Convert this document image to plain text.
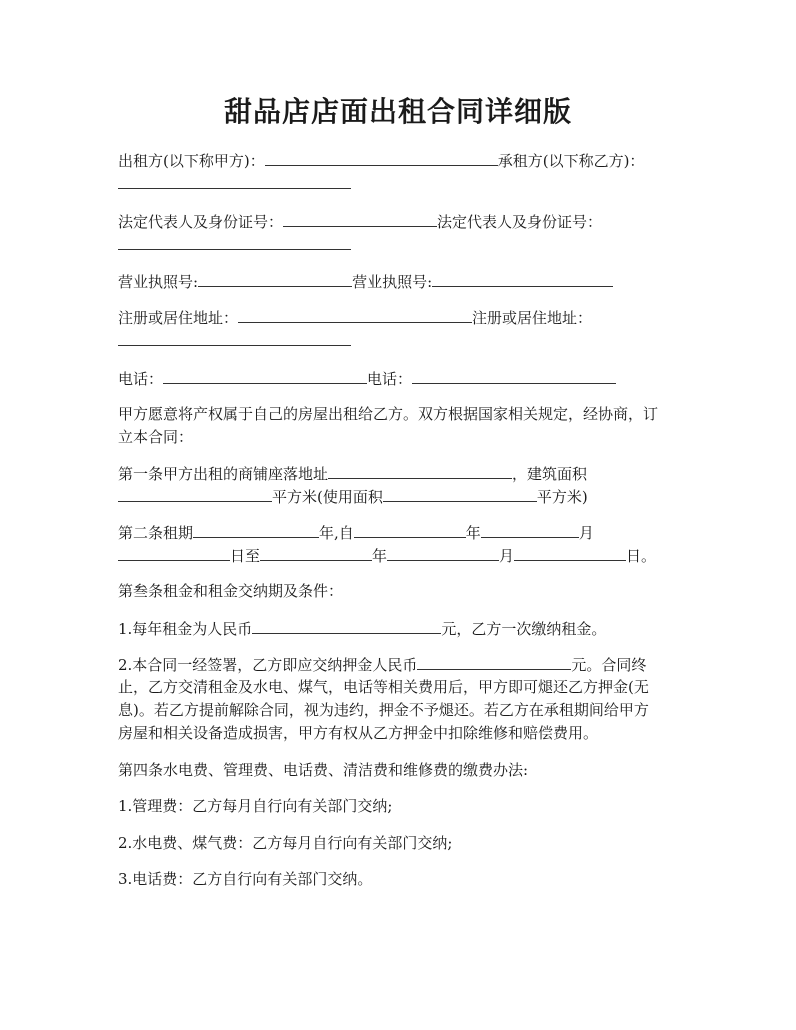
甜品店店面出租合同详细版
出租方(以下称甲方)：	承租方(以下称乙方)：
法定代表人及身份证号：	法定代表人及身份证号：
营业执照号:	营业执照号:
注册或居住地址：	注册或居住地址：
电话：	电话：
甲方愿意将产权属于自己的房屋出租给乙方。双方根据国家相关规定，经协商，订
立本合同：
第一条甲方出租的商铺座落地址	，建筑面积
平方米(使用面积	平方米)
第二条租期	年,自	年	月
日至	年	月	日。
第叁条租金和租金交纳期及条件：
1.每年租金为人民币	元，乙方一次缴纳租金。
2.本合同一经签署，乙方即应交纳押金人民币	元。合同终
止，乙方交清租金及水电、煤气，电话等相关费用后，甲方即可煺还乙方押金(无
息)。若乙方提前解除合同，视为违约，押金不予煺还。若乙方在承租期间给甲方
房屋和相关设备造成损害，甲方有权从乙方押金中扣除维修和赔偿费用。
第四条水电费、管理费、电话费、清洁费和维修费的缴费办法:
1.管理费：乙方每月自行向有关部门交纳;
2.水电费、煤气费：乙方每月自行向有关部门交纳;
3.电话费：乙方自行向有关部门交纳。
